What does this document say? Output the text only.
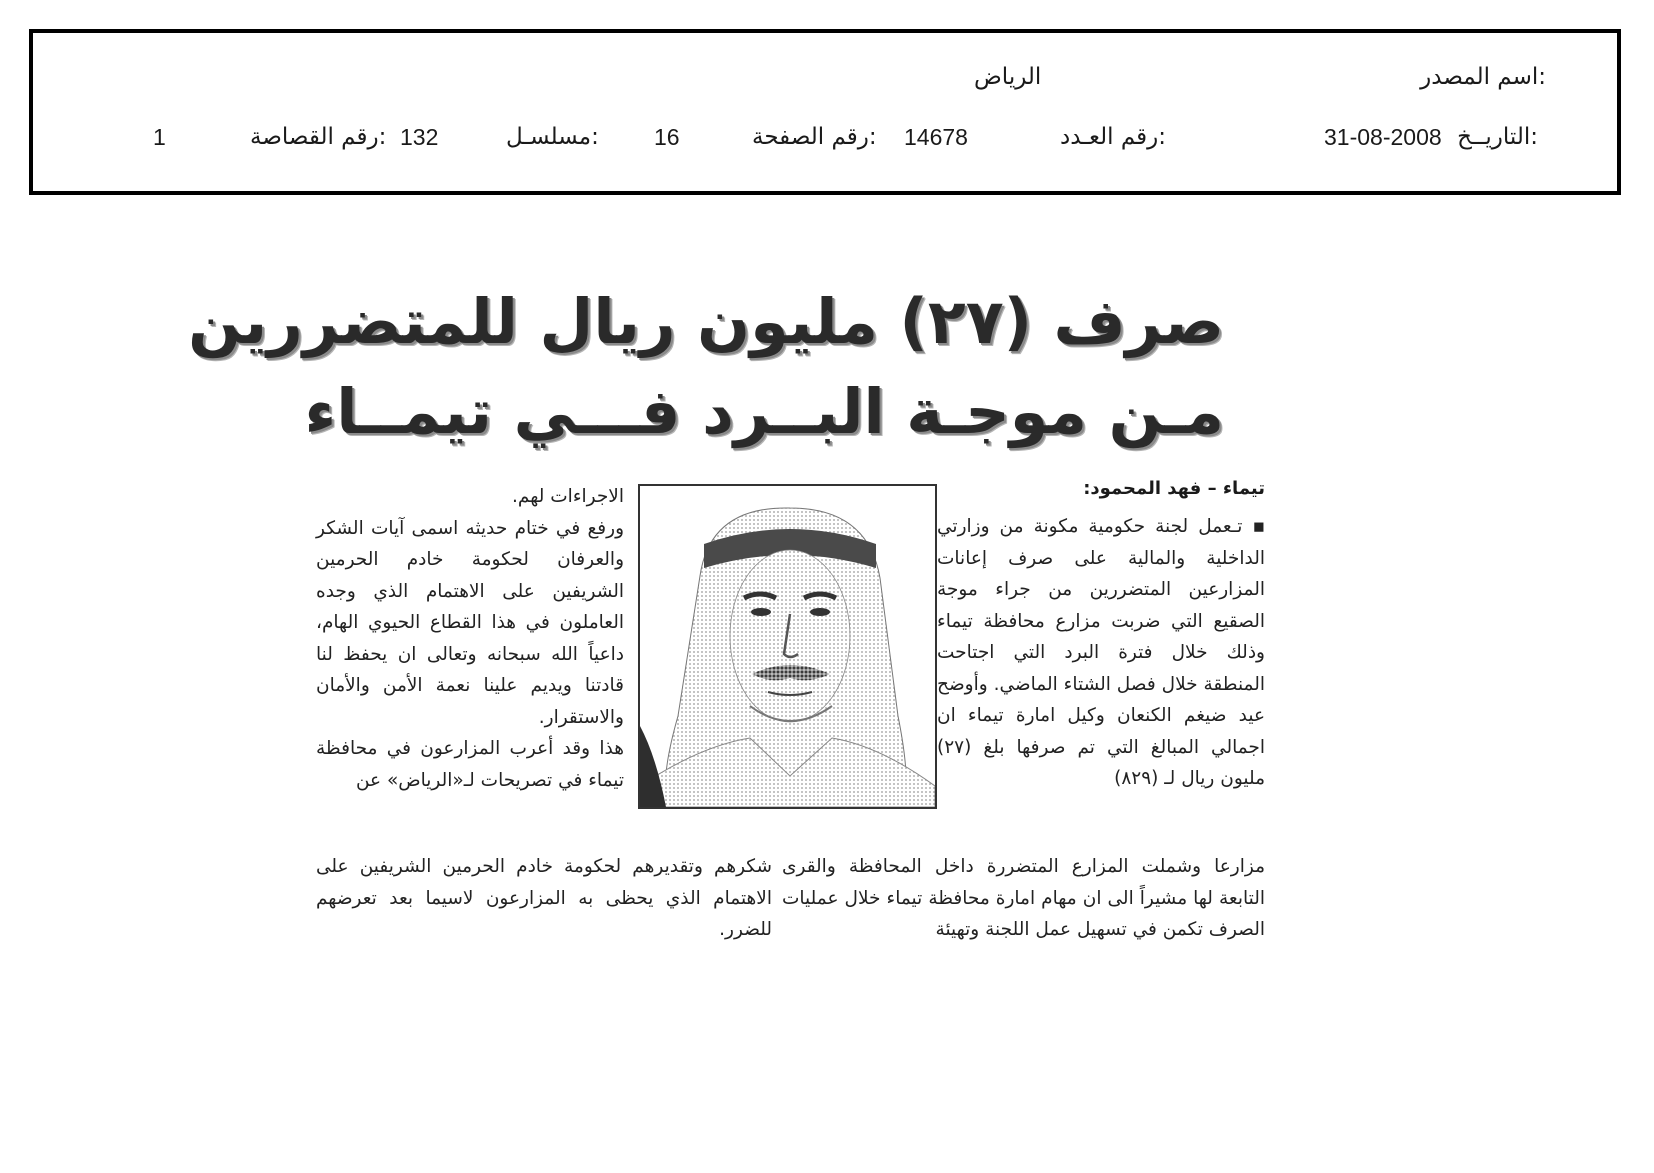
اسم المصدر:
الرياض
التاريــخ:
31-08-2008
رقم العـدد:
14678
رقم الصفحة:
16
مسلسـل:
132
رقم القصاصة:
1
صرف (٢٧) مليون ريال للمتضررين
مـن موجـة البــرد فـــي تيمــاء
تيماء – فهد المحمود:

▪ تـعمل لجنة حكومية مكونة من وزارتي الداخلية والمالية على صرف إعانات المزارعين المتضررين من جراء موجة الصقيع التي ضربت مزارع محافظة تيماء وذلك خلال فترة البرد التي اجتاحت المنطقة خلال فصل الشتاء الماضي. وأوضح عيد ضيغم الكنعان وكيل امارة تيماء ان اجمالي المبالغ التي تم صرفها بلغ (٢٧) مليون ريال لـ (٨٢٩)

الاجراءات لهم.

ورفع في ختام حديثه اسمى آيات الشكر والعرفان لحكومة خادم الحرمين الشريفين على الاهتمام الذي وجده العاملون في هذا القطاع الحيوي الهام، داعياً الله سبحانه وتعالى ان يحفظ لنا قادتنا ويديم علينا نعمة الأمن والأمان والاستقرار.

هذا وقد أعرب المزارعون في محافظة تيماء في تصريحات لـ«الرياض» عن

مزارعا وشملت المزارع المتضررة داخل المحافظة والقرى التابعة لها مشيراً الى ان مهام امارة محافظة تيماء خلال عمليات الصرف تكمن في تسهيل عمل اللجنة وتهيئة

شكرهم وتقديرهم لحكومة خادم الحرمين الشريفين على الاهتمام الذي يحظى به المزارعون لاسيما بعد تعرضهم للضرر.
